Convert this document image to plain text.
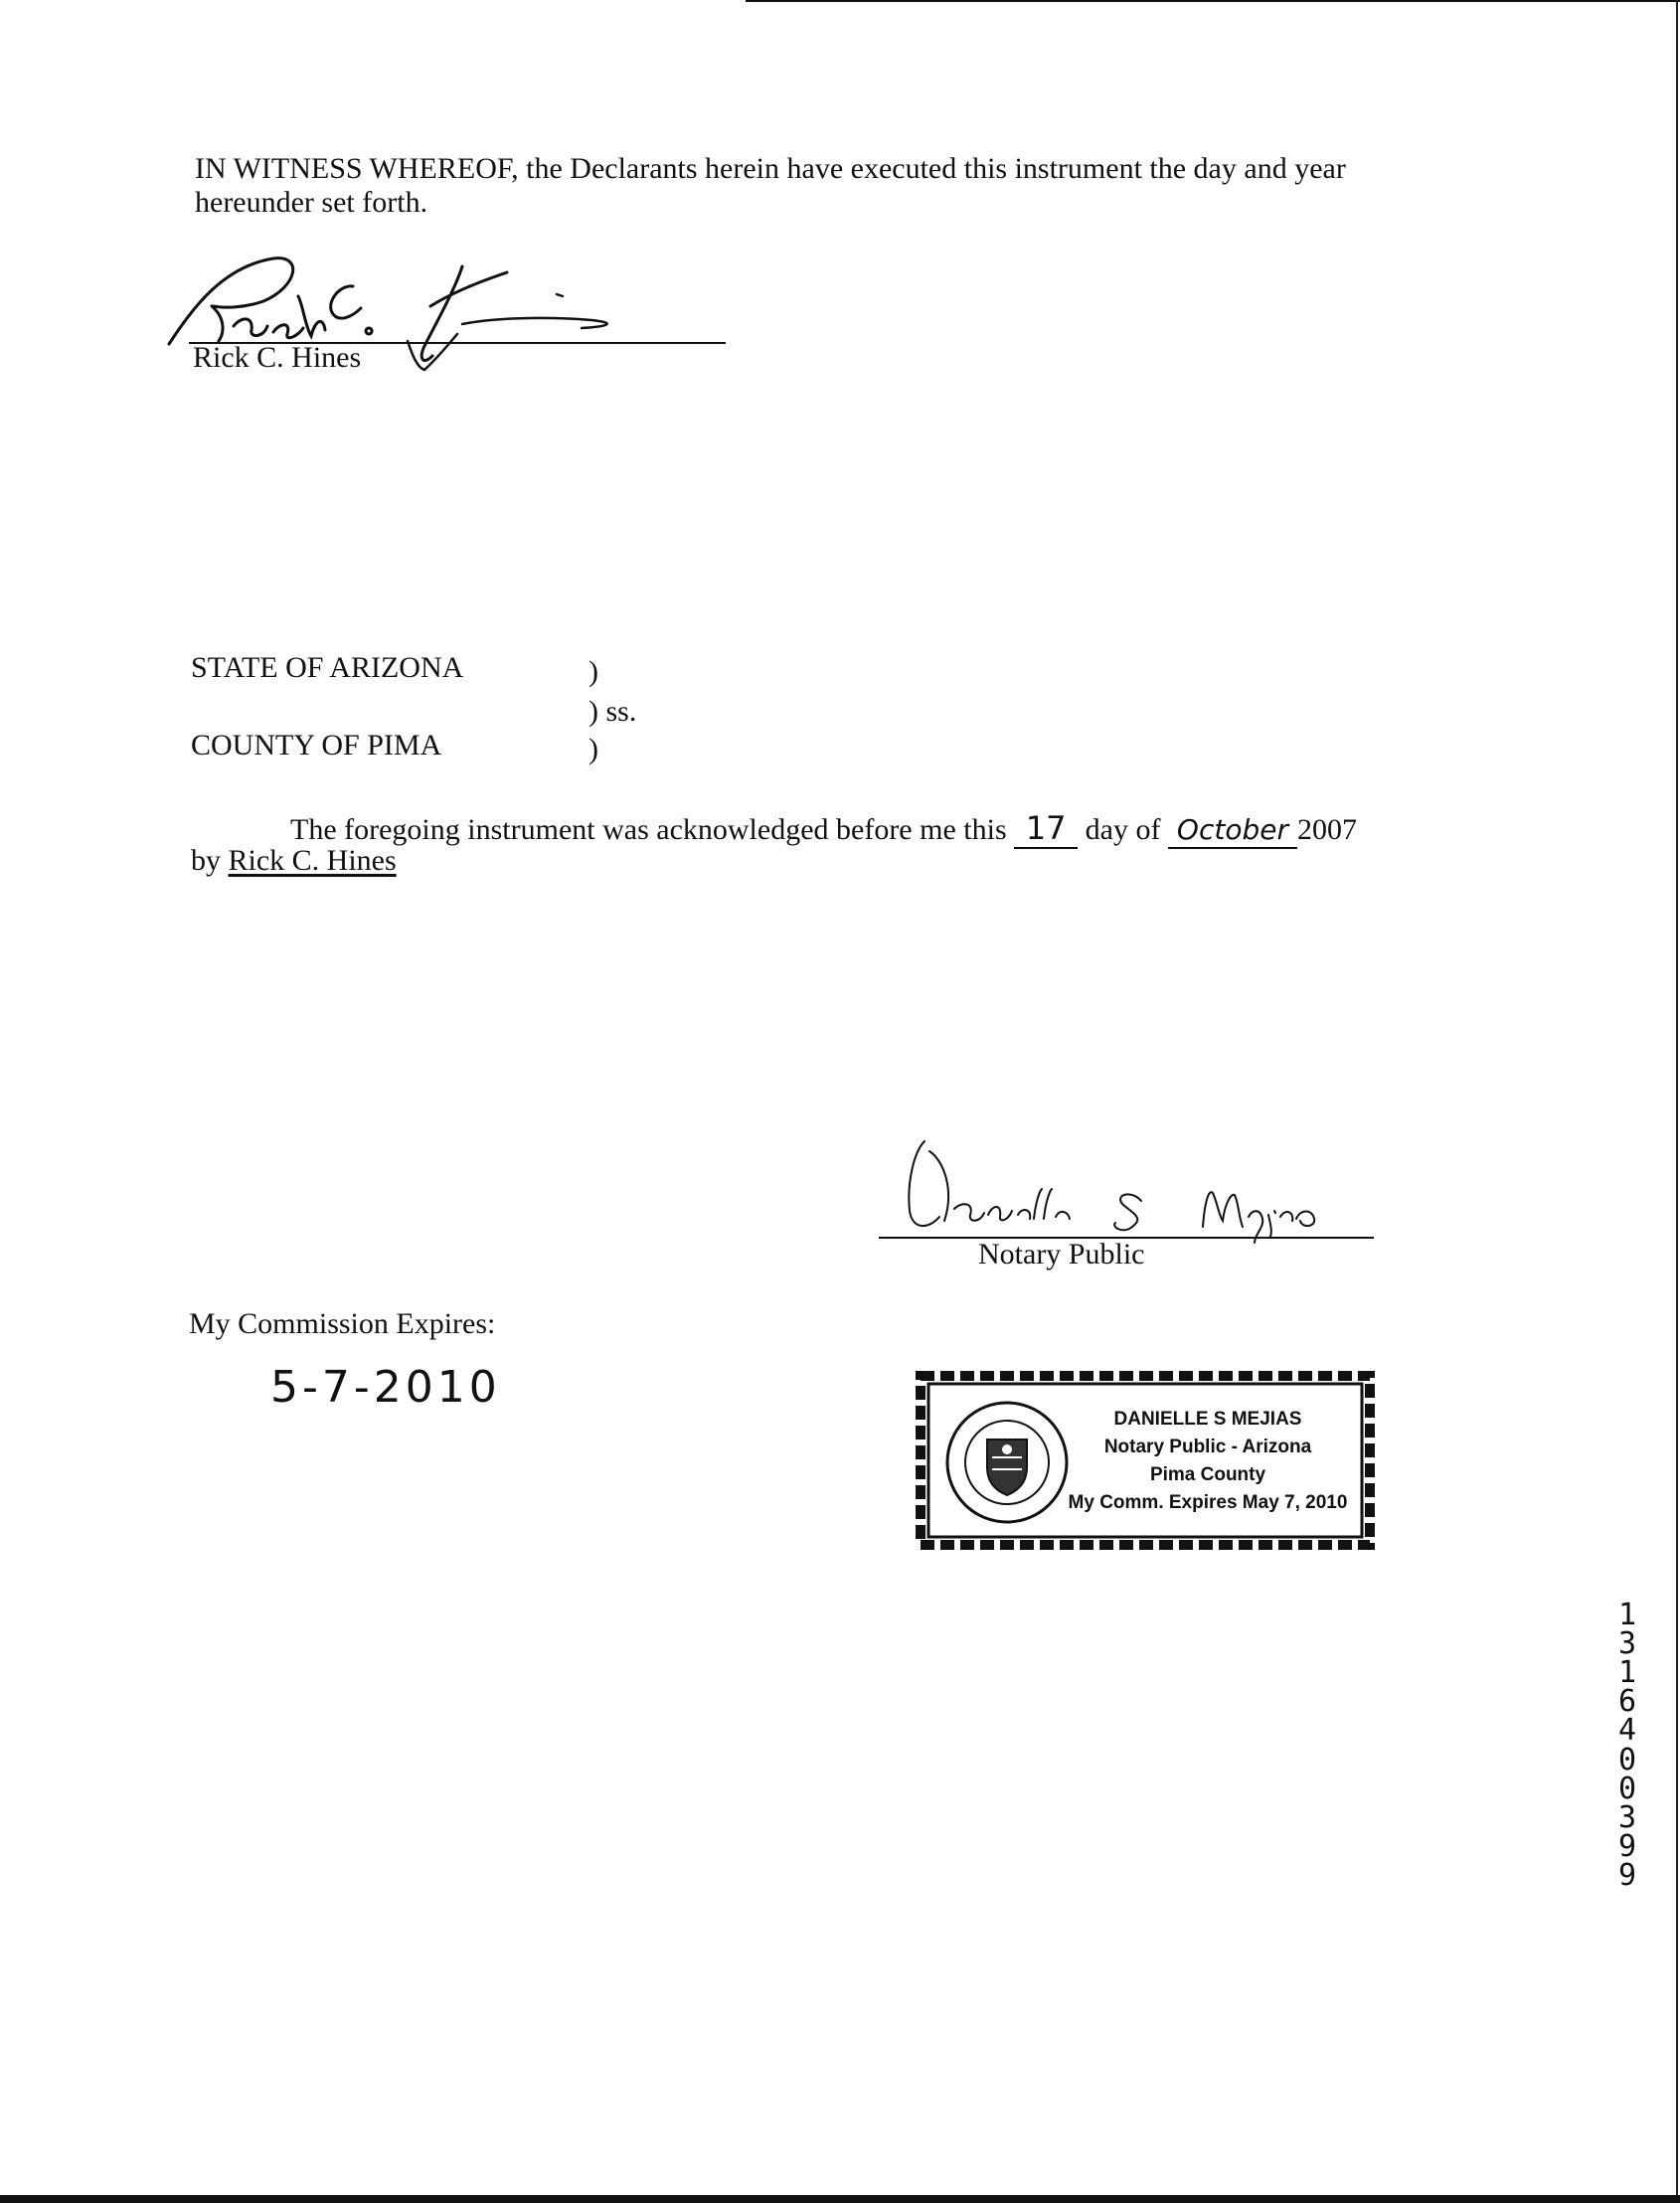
IN WITNESS WHEREOF, the Declarants herein have executed this instrument the day and year
hereunder set forth.
Rick C. Hines
STATE OF ARIZONA	)
) ss.
COUNTY OF PIMA	)
The foregoing instrument was acknowledged before me this 17 day of October 2007
by Rick C. Hines
Notary Public
My Commission Expires:
5-7-2010
DANIELLE S MEJIAS
Notary Public - Arizona
Pima County
My Comm. Expires May 7, 2010
1
3
1
6
4
0
0
3
9
9
